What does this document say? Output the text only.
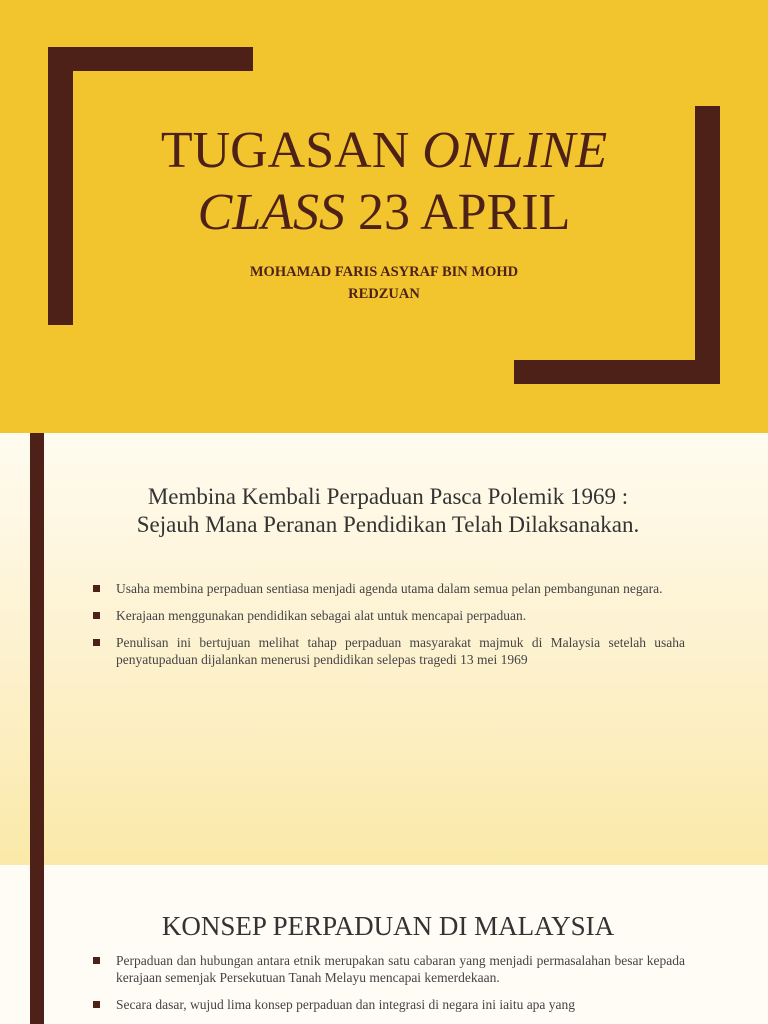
TUGASAN ONLINE
CLASS 23 APRIL

MOHAMAD FARIS ASYRAF BIN MOHD
REDZUAN

Membina Kembali Perpaduan Pasca Polemik 1969 :
Sejauh Mana Peranan Pendidikan Telah Dilaksanakan.
Usaha membina perpaduan sentiasa menjadi agenda utama dalam semua pelan pembangunan negara.
Kerajaan menggunakan pendidikan sebagai alat untuk mencapai perpaduan.
Penulisan ini bertujuan melihat tahap perpaduan masyarakat majmuk di Malaysia setelah usaha penyatupaduan dijalankan menerusi pendidikan selepas tragedi 13 mei 1969
KONSEP PERPADUAN DI MALAYSIA
Perpaduan dan hubungan antara etnik merupakan satu cabaran yang menjadi permasalahan besar kepada kerajaan semenjak Persekutuan Tanah Melayu mencapai kemerdekaan.
Secara dasar, wujud lima konsep perpaduan dan integrasi di negara ini iaitu apa yang
